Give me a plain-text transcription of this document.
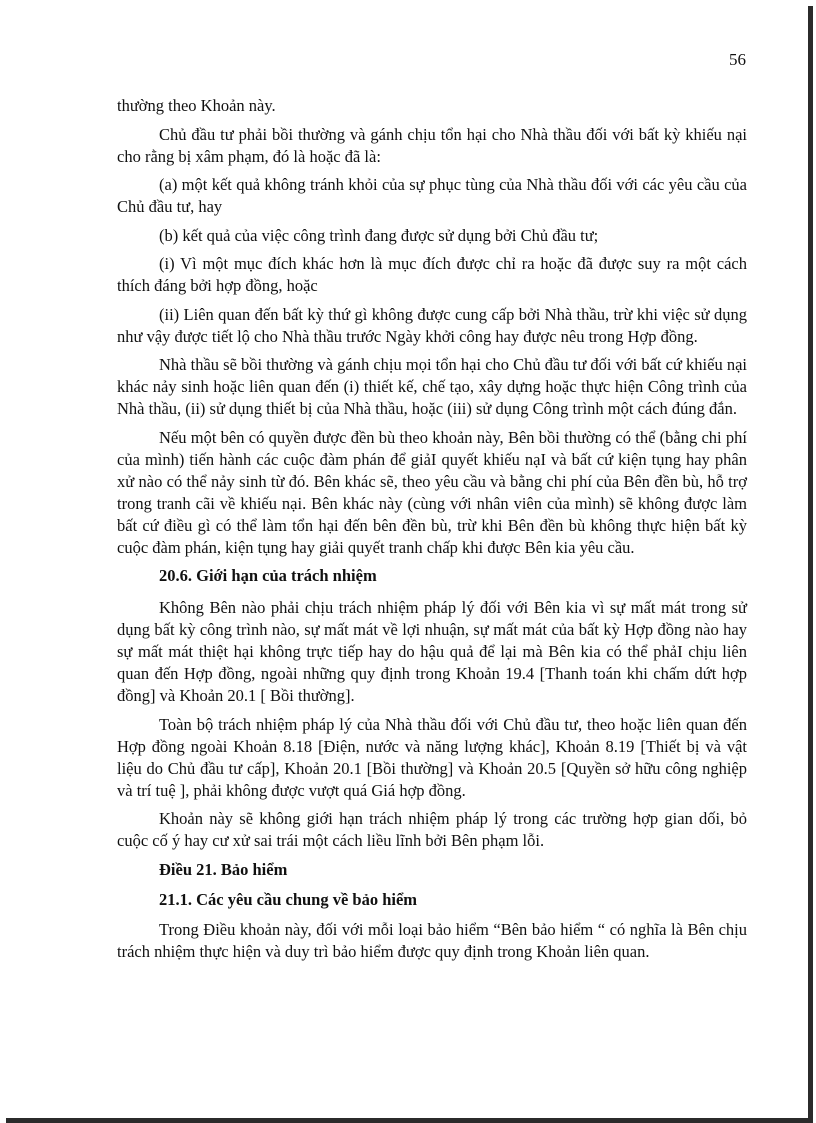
56

thường theo Khoản này.

Chủ đầu tư phải bồi thường và gánh chịu tổn hại cho Nhà thầu đối với bất kỳ khiếu nại cho rằng bị xâm phạm, đó là hoặc đã là:

(a) một kết quả không tránh khỏi của sự phục tùng của Nhà thầu đối với các yêu cầu của Chủ đầu tư, hay

(b) kết quả của việc công trình đang được sử dụng bởi Chủ đầu tư;

(i) Vì một mục đích khác hơn là mục đích được chỉ ra hoặc đã được suy ra một cách thích đáng bởi hợp đồng, hoặc

(ii) Liên quan đến bất kỳ thứ gì không được cung cấp bởi Nhà thầu, trừ khi việc sử dụng như vậy được tiết lộ cho Nhà thầu trước Ngày khởi công hay được nêu trong Hợp đồng.

Nhà thầu sẽ bồi thường và gánh chịu mọi tổn hại cho Chủ đầu tư đối với bất cứ khiếu nại khác nảy sinh hoặc liên quan đến (i) thiết kế, chế tạo, xây dựng hoặc thực hiện Công trình của Nhà thầu, (ii) sử dụng thiết bị của Nhà thầu, hoặc (iii) sử dụng Công trình một cách đúng đắn.

Nếu một bên có quyền được đền bù theo khoản này, Bên bồi thường có thể (bằng chi phí của mình) tiến hành các cuộc đàm phán để giảI quyết khiếu nạI và bất cứ kiện tụng hay phân xử nào có thể nảy sinh từ đó. Bên khác sẽ, theo yêu cầu và bằng chi phí của Bên đền bù, hỗ trợ trong tranh cãi về khiếu nại. Bên khác này (cùng với nhân viên của mình) sẽ không được làm bất cứ điều gì có thể làm tổn hại đến bên đền bù, trừ khi Bên đền bù không thực hiện bất kỳ cuộc đàm phán, kiện tụng hay giải quyết tranh chấp khi được Bên kia yêu cầu.

20.6. Giới hạn của trách nhiệm

Không Bên nào phải chịu trách nhiệm pháp lý đối với Bên kia vì sự mất mát trong sử dụng bất kỳ công trình nào, sự mất mát về lợi nhuận, sự mất mát của bất kỳ Hợp đồng nào hay sự mất mát thiệt hại không trực tiếp hay do hậu quả để lại mà Bên kia có thể phảI chịu liên quan đến Hợp đồng, ngoài những quy định trong Khoản 19.4 [Thanh toán khi chấm dứt hợp đồng] và Khoản 20.1 [ Bồi thường].

Toàn bộ trách nhiệm pháp lý của Nhà thầu đối với Chủ đầu tư, theo hoặc liên quan đến Hợp đồng ngoài Khoản 8.18 [Điện, nước và năng lượng khác], Khoản 8.19 [Thiết bị và vật liệu do Chủ đầu tư cấp], Khoản 20.1 [Bồi thường] và Khoản 20.5 [Quyền sở hữu công nghiệp và trí tuệ ], phải không được vượt quá Giá hợp đồng.

Khoản này sẽ không giới hạn trách nhiệm pháp lý trong các trường hợp gian dối, bỏ cuộc cố ý hay cư xử sai trái một cách liều lĩnh bởi Bên phạm lỗi.

Điều 21. Bảo hiểm

21.1. Các yêu cầu chung về bảo hiểm

Trong Điều khoản này, đối với mỗi loại bảo hiểm “Bên bảo hiểm “ có nghĩa là Bên chịu trách nhiệm thực hiện và duy trì bảo hiểm được quy định trong Khoản liên quan.
